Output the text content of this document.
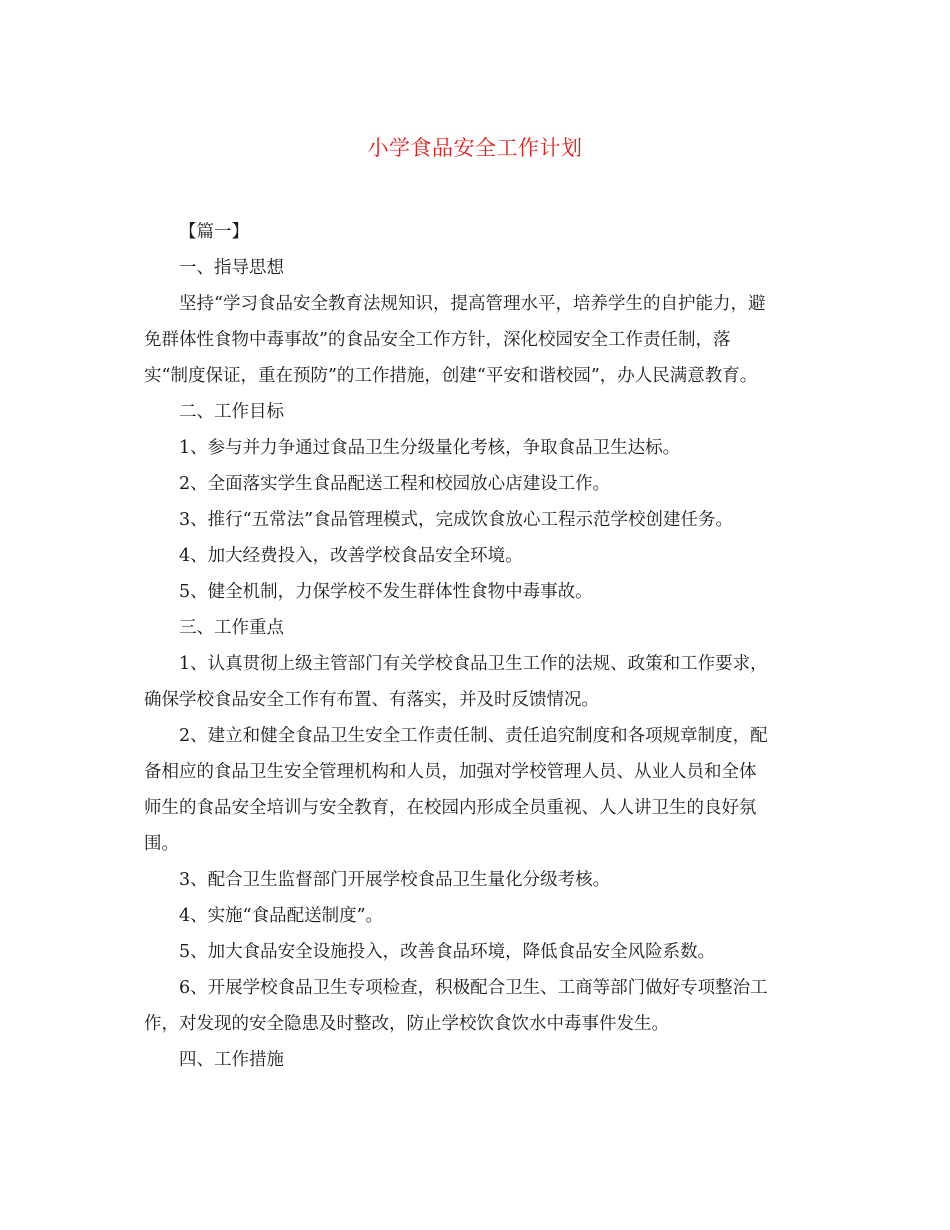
小学食品安全工作计划
【篇一】
一、指导思想
坚持“学习食品安全教育法规知识，提高管理水平，培养学生的自护能力，避
免群体性食物中毒事故”的食品安全工作方针，深化校园安全工作责任制，落
实“制度保证，重在预防”的工作措施，创建“平安和谐校园”，办人民满意教育。
二、工作目标
1、参与并力争通过食品卫生分级量化考核，争取食品卫生达标。
2、全面落实学生食品配送工程和校园放心店建设工作。
3、推行“五常法”食品管理模式，完成饮食放心工程示范学校创建任务。
4、加大经费投入，改善学校食品安全环境。
5、健全机制，力保学校不发生群体性食物中毒事故。
三、工作重点
1、认真贯彻上级主管部门有关学校食品卫生工作的法规、政策和工作要求，
确保学校食品安全工作有布置、有落实，并及时反馈情况。
2、建立和健全食品卫生安全工作责任制、责任追究制度和各项规章制度，配
备相应的食品卫生安全管理机构和人员，加强对学校管理人员、从业人员和全体
师生的食品安全培训与安全教育，在校园内形成全员重视、人人讲卫生的良好氛
围。
3、配合卫生监督部门开展学校食品卫生量化分级考核。
4、实施“食品配送制度”。
5、加大食品安全设施投入，改善食品环境，降低食品安全风险系数。
6、开展学校食品卫生专项检查，积极配合卫生、工商等部门做好专项整治工
作，对发现的安全隐患及时整改，防止学校饮食饮水中毒事件发生。
四、工作措施
